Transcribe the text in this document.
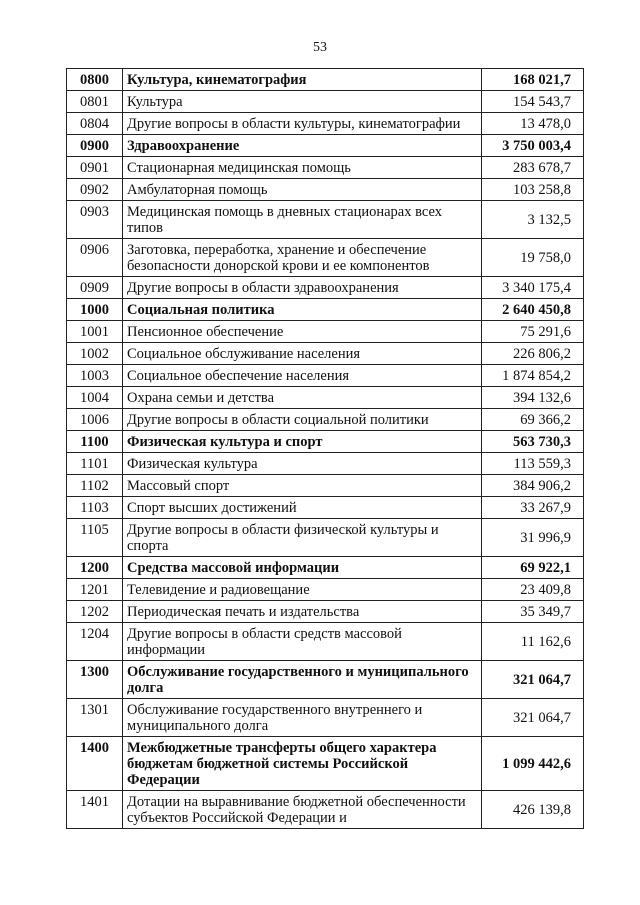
53
0800	Культура, кинематография	168 021,7
0801	Культура	154 543,7
0804	Другие вопросы в области культуры, кинематографии	13 478,0
0900	Здравоохранение	3 750 003,4
0901	Стационарная медицинская помощь	283 678,7
0902	Амбулаторная помощь	103 258,8
0903	Медицинская помощь в дневных стационарах всех типов	3 132,5
0906	Заготовка, переработка, хранение и обеспечение безопасности донорской крови и ее компонентов	19 758,0
0909	Другие вопросы в области здравоохранения	3 340 175,4
1000	Социальная политика	2 640 450,8
1001	Пенсионное обеспечение	75 291,6
1002	Социальное обслуживание населения	226 806,2
1003	Социальное обеспечение населения	1 874 854,2
1004	Охрана семьи и детства	394 132,6
1006	Другие вопросы в области социальной политики	69 366,2
1100	Физическая культура и спорт	563 730,3
1101	Физическая культура	113 559,3
1102	Массовый спорт	384 906,2
1103	Спорт высших достижений	33 267,9
1105	Другие вопросы в области физической культуры и спорта	31 996,9
1200	Средства массовой информации	69 922,1
1201	Телевидение и радиовещание	23 409,8
1202	Периодическая печать и издательства	35 349,7
1204	Другие вопросы в области средств массовой информации	11 162,6
1300	Обслуживание государственного и муниципального долга	321 064,7
1301	Обслуживание государственного внутреннего и муниципального долга	321 064,7
1400	Межбюджетные трансферты общего характера бюджетам бюджетной системы Российской Федерации	1 099 442,6
1401	Дотации на выравнивание бюджетной обеспеченности субъектов Российской Федерации и	426 139,8
